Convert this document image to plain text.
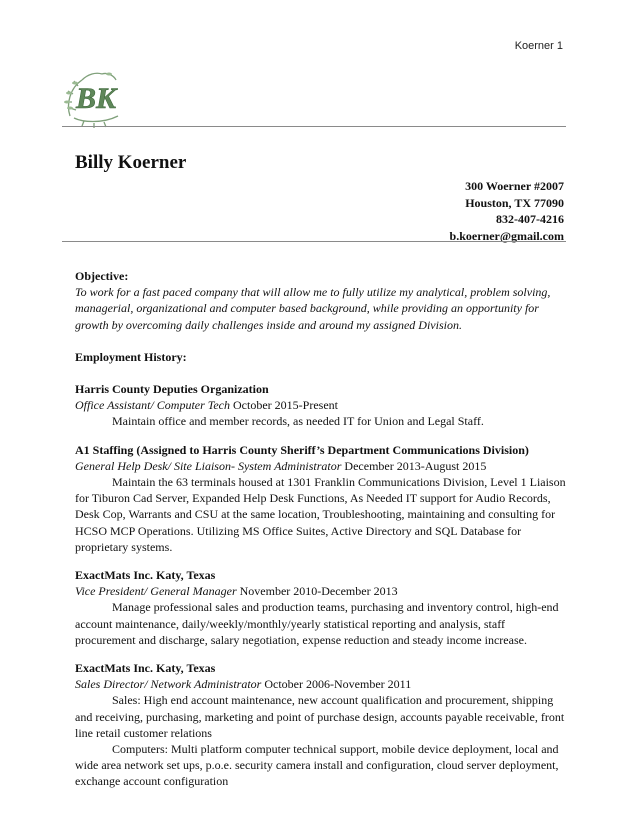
Koerner 1
BK
Billy Koerner
300 Woerner #2007
Houston, TX 77090
832-407-4216
b.koerner@gmail.com
Objective:

To work for a fast paced company that will allow me to fully utilize my analytical, problem solving, managerial, organizational and computer based background, while providing an opportunity for growth by overcoming daily challenges inside and around my assigned Division.

Employment History:
Harris County Deputies Organization
Office Assistant/ Computer Tech October 2015-Present

Maintain office and member records, as needed IT for Union and Legal Staff.

A1 Staffing (Assigned to Harris County Sheriff’s Department Communications Division)
General Help Desk/ Site Liaison- System Administrator December 2013-August 2015

Maintain the 63 terminals housed at 1301 Franklin Communications Division, Level 1 Liaison for Tiburon Cad Server, Expanded Help Desk Functions, As Needed IT support for Audio Records, Desk Cop, Warrants and CSU at the same location, Troubleshooting, maintaining and consulting for HCSO MCP Operations. Utilizing MS Office Suites, Active Directory and SQL Database for proprietary systems.

ExactMats Inc. Katy, Texas
Vice President/ General Manager November 2010-December 2013

Manage professional sales and production teams, purchasing and inventory control, high-end account maintenance, daily/weekly/monthly/yearly statistical reporting and analysis, staff procurement and discharge, salary negotiation, expense reduction and steady income increase.

ExactMats Inc. Katy, Texas
Sales Director/ Network Administrator October 2006-November 2011

Sales: High end account maintenance, new account qualification and procurement, shipping and receiving, purchasing, marketing and point of purchase design, accounts payable receivable, front line retail customer relations

Computers: Multi platform computer technical support, mobile device deployment, local and wide area network set ups, p.o.e. security camera install and configuration, cloud server deployment, exchange account configuration
